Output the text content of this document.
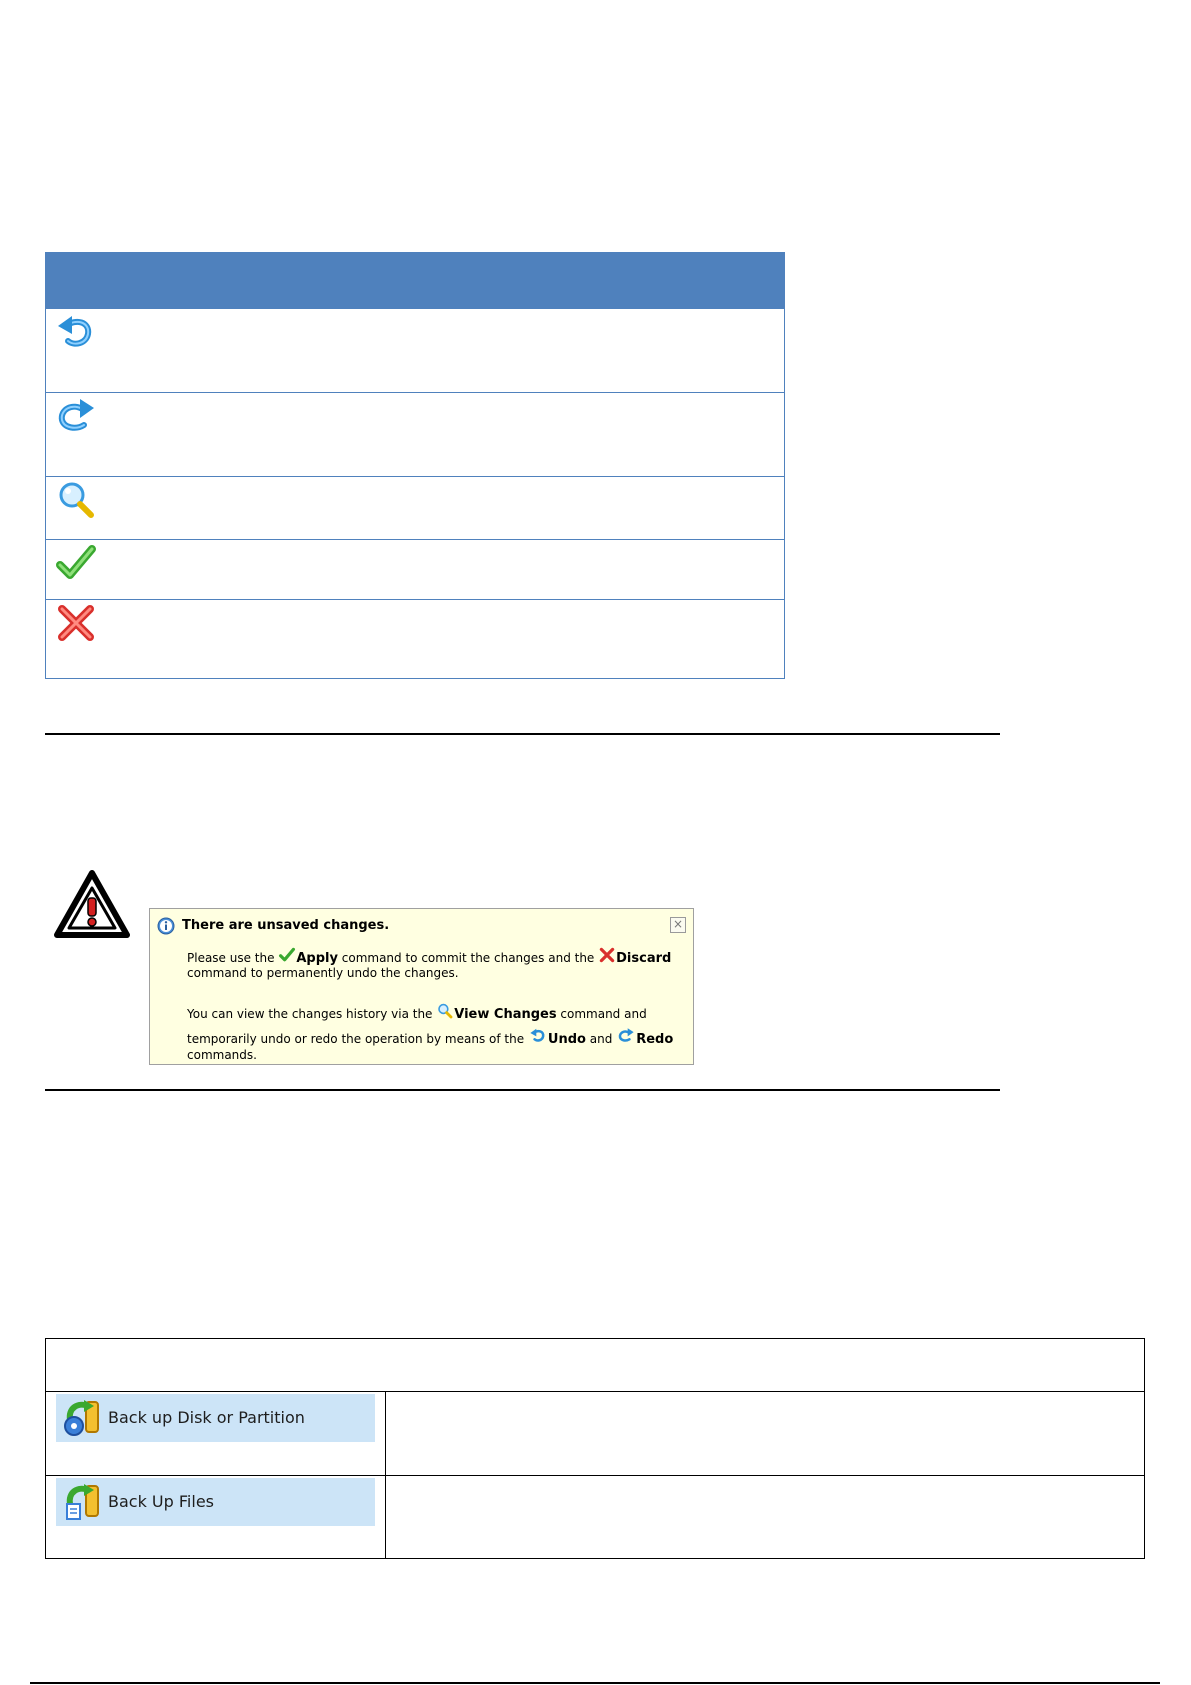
There are unsaved changes.	×
Please use the Apply command to commit the changes and the Discard
command to permanently undo the changes.
You can view the changes history via the View Changes command and
temporarily undo or redo the operation by means of the Undo and Redo
commands.
Back up Disk or Partition
Back Up Files
